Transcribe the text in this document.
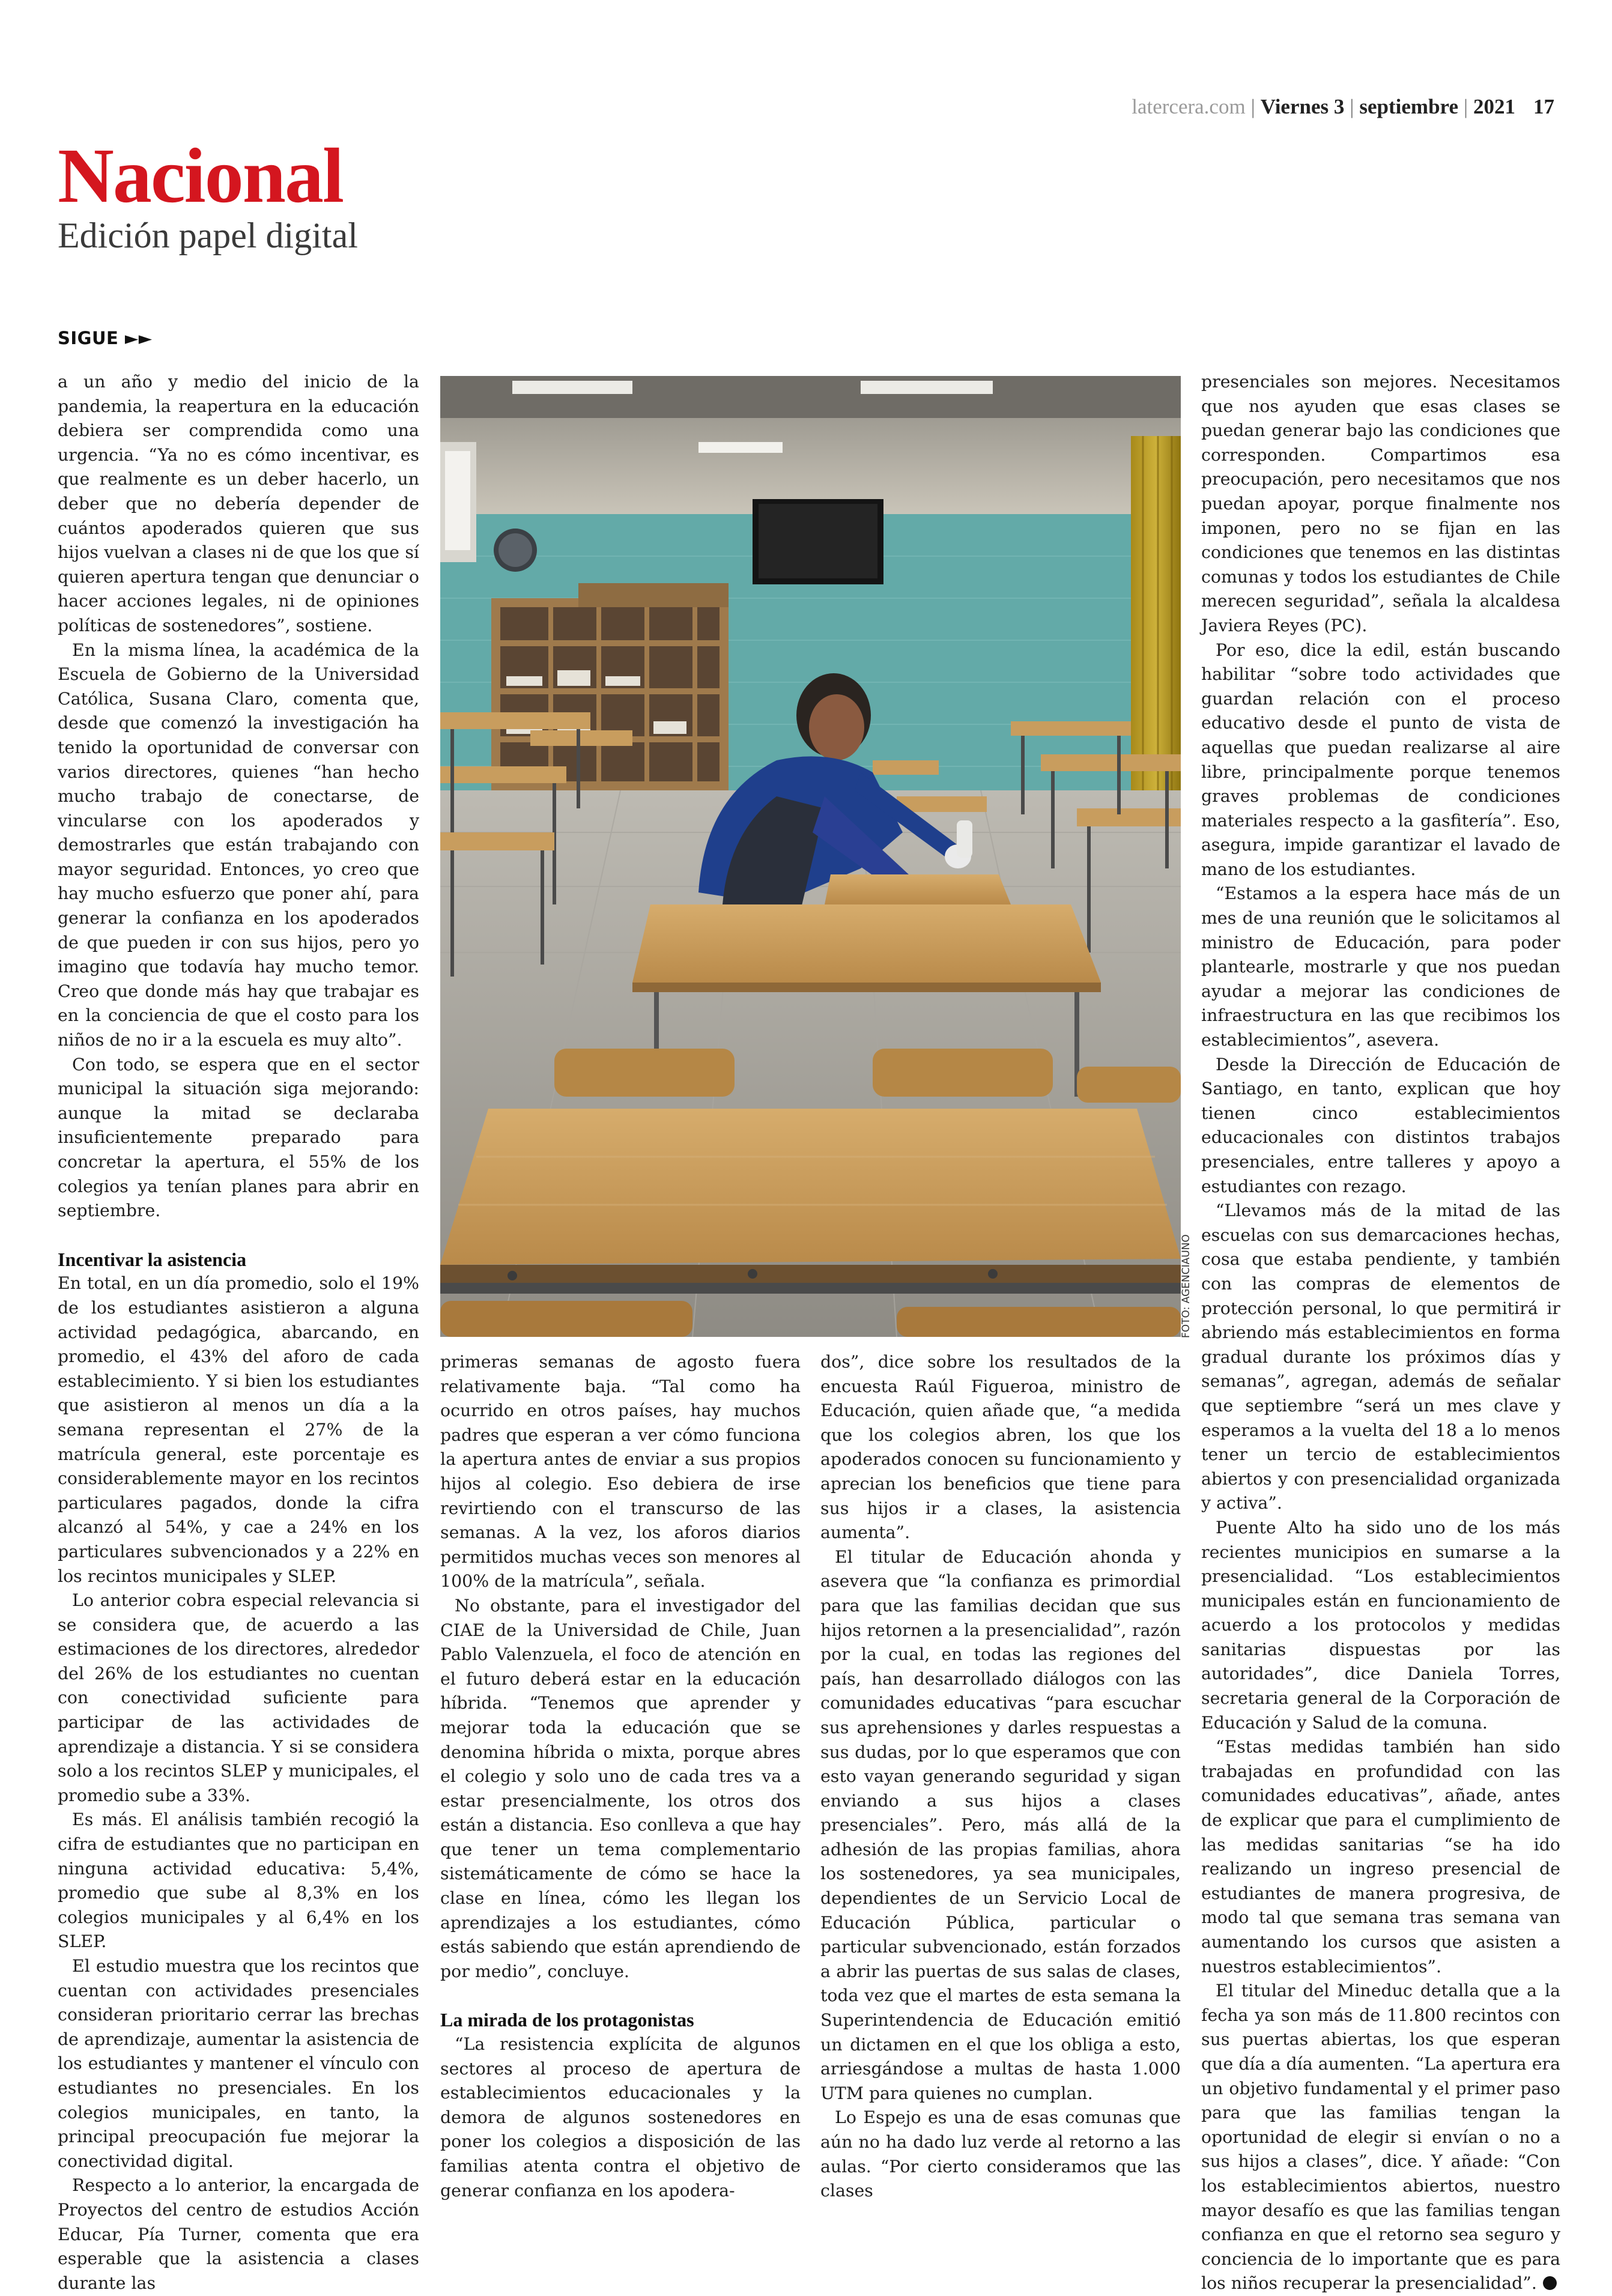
latercera.com | Viernes 3 | septiembre | 2021 17
Nacional
Edición papel digital
SIGUE ►►

a un año y medio del inicio de la pandemia, la reapertura en la educación debiera ser comprendida como una urgencia. “Ya no es cómo incentivar, es que realmente es un deber hacerlo, un deber que no debería depender de cuántos apoderados quieren que sus hijos vuelvan a clases ni de que los que sí quieren apertura tengan que denunciar o hacer acciones legales, ni de opiniones políticas de sostenedores”, sostiene.

En la misma línea, la académica de la Escuela de Gobierno de la Universidad Católica, Susana Claro, comenta que, desde que comenzó la investigación ha tenido la oportunidad de conversar con varios directores, quienes “han hecho mucho trabajo de conectarse, de vincularse con los apoderados y demostrarles que están trabajando con mayor seguridad. Entonces, yo creo que hay mucho esfuerzo que poner ahí, para generar la confianza en los apoderados de que pueden ir con sus hijos, pero yo imagino que todavía hay mucho temor. Creo que donde más hay que trabajar es en la conciencia de que el costo para los niños de no ir a la escuela es muy alto”.

Con todo, se espera que en el sector municipal la situación siga mejorando: aunque la mitad se declaraba insuficientemente preparado para concretar la apertura, el 55% de los colegios ya tenían planes para abrir en septiembre.

Incentivar la asistencia

En total, en un día promedio, solo el 19% de los estudiantes asistieron a alguna actividad pedagógica, abarcando, en promedio, el 43% del aforo de cada establecimiento. Y si bien los estudiantes que asistieron al menos un día a la semana representan el 27% de la matrícula general, este porcentaje es considerablemente mayor en los recintos particulares pagados, donde la cifra alcanzó al 54%, y cae a 24% en los particulares subvencionados y a 22% en los recintos municipales y SLEP.

Lo anterior cobra especial relevancia si se considera que, de acuerdo a las estimaciones de los directores, alrededor del 26% de los estudiantes no cuentan con conectividad suficiente para participar de las actividades de aprendizaje a distancia. Y si se considera solo a los recintos SLEP y municipales, el promedio sube a 33%.

Es más. El análisis también recogió la cifra de estudiantes que no participan en ninguna actividad educativa: 5,4%, promedio que sube al 8,3% en los colegios municipales y al 6,4% en los SLEP.

El estudio muestra que los recintos que cuentan con actividades presenciales consideran prioritario cerrar las brechas de aprendizaje, aumentar la asistencia de los estudiantes y mantener el vínculo con estudiantes no presenciales. En los colegios municipales, en tanto, la principal preocupación fue mejorar la conectividad digital.

Respecto a lo anterior, la encargada de Proyectos del centro de estudios Acción Educar, Pía Turner, comenta que era esperable que la asistencia a clases durante las

primeras semanas de agosto fuera relativamente baja. “Tal como ha ocurrido en otros países, hay muchos padres que esperan a ver cómo funciona la apertura antes de enviar a sus propios hijos al colegio. Eso debiera de irse revirtiendo con el transcurso de las semanas. A la vez, los aforos diarios permitidos muchas veces son menores al 100% de la matrícula”, señala.

No obstante, para el investigador del CIAE de la Universidad de Chile, Juan Pablo Valenzuela, el foco de atención en el futuro deberá estar en la educación híbrida. “Tenemos que aprender y mejorar toda la educación que se denomina híbrida o mixta, porque abres el colegio y solo uno de cada tres va a estar presencialmente, los otros dos están a distancia. Eso conlleva a que hay que tener un tema complementario sistemáticamente de cómo se hace la clase en línea, cómo les llegan los aprendizajes a los estudiantes, cómo estás sabiendo que están aprendiendo de por medio”, concluye.

La mirada de los protagonistas

“La resistencia explícita de algunos sectores al proceso de apertura de establecimientos educacionales y la demora de algunos sostenedores en poner los colegios a disposición de las familias atenta contra el objetivo de generar confianza en los apodera-

dos”, dice sobre los resultados de la encuesta Raúl Figueroa, ministro de Educación, quien añade que, “a medida que los colegios abren, los que los apoderados conocen su funcionamiento y aprecian los beneficios que tiene para sus hijos ir a clases, la asistencia aumenta”.

El titular de Educación ahonda y asevera que “la confianza es primordial para que las familias decidan que sus hijos retornen a la presencialidad”, razón por la cual, en todas las regiones del país, han desarrollado diálogos con las comunidades educativas “para escuchar sus aprehensiones y darles respuestas a sus dudas, por lo que esperamos que con esto vayan generando seguridad y sigan enviando a sus hijos a clases presenciales”. Pero, más allá de la adhesión de las propias familias, ahora los sostenedores, ya sea municipales, dependientes de un Servicio Local de Educación Pública, particular o particular subvencionado, están forzados a abrir las puertas de sus salas de clases, toda vez que el martes de esta semana la Superintendencia de Educación emitió un dictamen en el que los obliga a esto, arriesgándose a multas de hasta 1.000 UTM para quienes no cumplan.

Lo Espejo es una de esas comunas que aún no ha dado luz verde al retorno a las aulas. “Por cierto consideramos que las clases

presenciales son mejores. Necesitamos que nos ayuden que esas clases se puedan generar bajo las condiciones que corresponden. Compartimos esa preocupación, pero necesitamos que nos puedan apoyar, porque finalmente nos imponen, pero no se fijan en las condiciones que tenemos en las distintas comunas y todos los estudiantes de Chile merecen seguridad”, señala la alcaldesa Javiera Reyes (PC).

Por eso, dice la edil, están buscando habilitar “sobre todo actividades que guardan relación con el proceso educativo desde el punto de vista de aquellas que puedan realizarse al aire libre, principalmente porque tenemos graves problemas de condiciones materiales respecto a la gasfitería”. Eso, asegura, impide garantizar el lavado de mano de los estudiantes.

“Estamos a la espera hace más de un mes de una reunión que le solicitamos al ministro de Educación, para poder plantearle, mostrarle y que nos puedan ayudar a mejorar las condiciones de infraestructura en las que recibimos los establecimientos”, asevera.

Desde la Dirección de Educación de Santiago, en tanto, explican que hoy tienen cinco establecimientos educacionales con distintos trabajos presenciales, entre talleres y apoyo a estudiantes con rezago.

“Llevamos más de la mitad de las escuelas con sus demarcaciones hechas, cosa que estaba pendiente, y también con las compras de elementos de protección personal, lo que permitirá ir abriendo más establecimientos en forma gradual durante los próximos días y semanas”, agregan, además de señalar que septiembre “será un mes clave y esperamos a la vuelta del 18 a lo menos tener un tercio de establecimientos abiertos y con presencialidad organizada y activa”.

Puente Alto ha sido uno de los más recientes municipios en sumarse a la presencialidad. “Los establecimientos municipales están en funcionamiento de acuerdo a los protocolos y medidas sanitarias dispuestas por las autoridades”, dice Daniela Torres, secretaria general de la Corporación de Educación y Salud de la comuna.

“Estas medidas también han sido trabajadas en profundidad con las comunidades educativas”, añade, antes de explicar que para el cumplimiento de las medidas sanitarias “se ha ido realizando un ingreso presencial de estudiantes de manera progresiva, de modo tal que semana tras semana van aumentando los cursos que asisten a nuestros establecimientos”.

El titular del Mineduc detalla que a la fecha ya son más de 11.800 recintos con sus puertas abiertas, los que esperan que día a día aumenten. “La apertura era un objetivo fundamental y el primer paso para que las familias tengan la oportunidad de elegir si envían o no a sus hijos a clases”, dice. Y añade: “Con los establecimientos abiertos, nuestro mayor desafío es que las familias tengan confianza en que el retorno sea seguro y conciencia de lo importante que es para los niños recuperar la presencialidad”.

FOTO: AGENCIAUNO
